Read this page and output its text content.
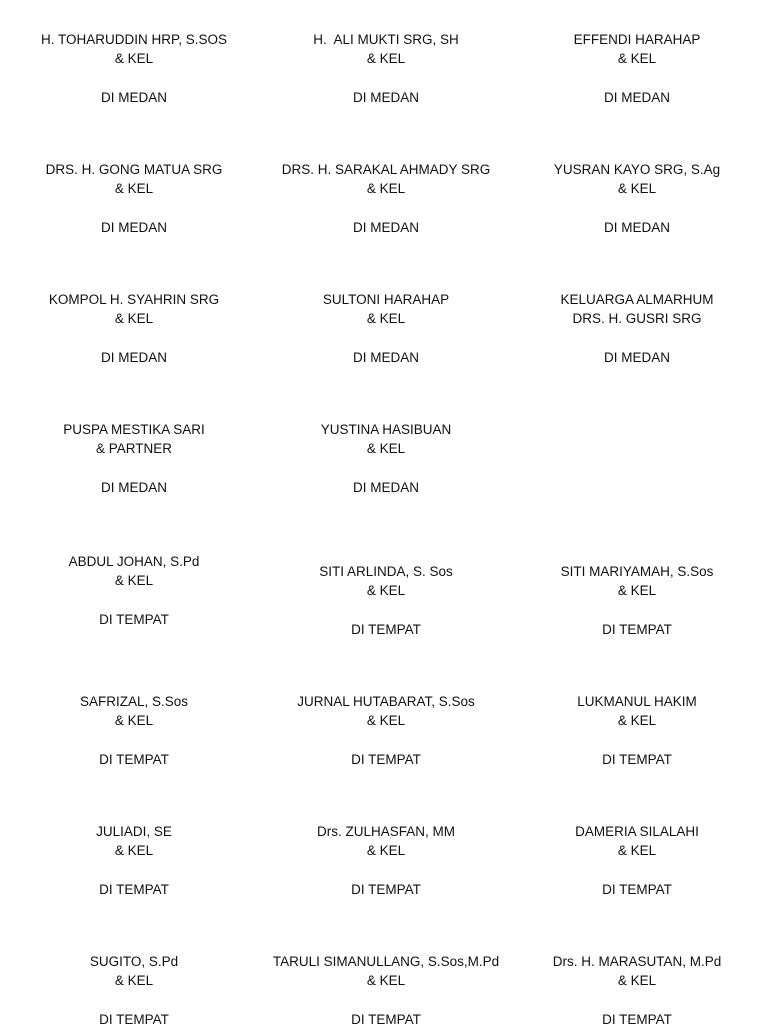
H. TOHARUDDIN HRP, S.SOS
& KEL
DI MEDAN
H.  ALI MUKTI SRG, SH
& KEL
DI MEDAN
EFFENDI HARAHAP
& KEL
DI MEDAN
DRS. H. GONG MATUA SRG
& KEL
DI MEDAN
DRS. H. SARAKAL AHMADY SRG
& KEL
DI MEDAN
YUSRAN KAYO SRG, S.Ag
& KEL
DI MEDAN
KOMPOL H. SYAHRIN SRG
& KEL
DI MEDAN
SULTONI HARAHAP
& KEL
DI MEDAN
KELUARGA ALMARHUM
DRS. H. GUSRI SRG
DI MEDAN
PUSPA MESTIKA SARI
& PARTNER
DI MEDAN
YUSTINA HASIBUAN
& KEL
DI MEDAN
ABDUL JOHAN, S.Pd
& KEL
DI TEMPAT
SITI ARLINDA, S. Sos
& KEL
DI TEMPAT
SITI MARIYAMAH, S.Sos
& KEL
DI TEMPAT
SAFRIZAL, S.Sos
& KEL
DI TEMPAT
JURNAL HUTABARAT, S.Sos
& KEL
DI TEMPAT
LUKMANUL HAKIM
& KEL
DI TEMPAT
JULIADI, SE
& KEL
DI TEMPAT
Drs. ZULHASFAN, MM
& KEL
DI TEMPAT
DAMERIA SILALAHI
& KEL
DI TEMPAT
SUGITO, S.Pd
& KEL
DI TEMPAT
TARULI SIMANULLANG, S.Sos,M.Pd
& KEL
DI TEMPAT
Drs. H. MARASUTAN, M.Pd
& KEL
DI TEMPAT
